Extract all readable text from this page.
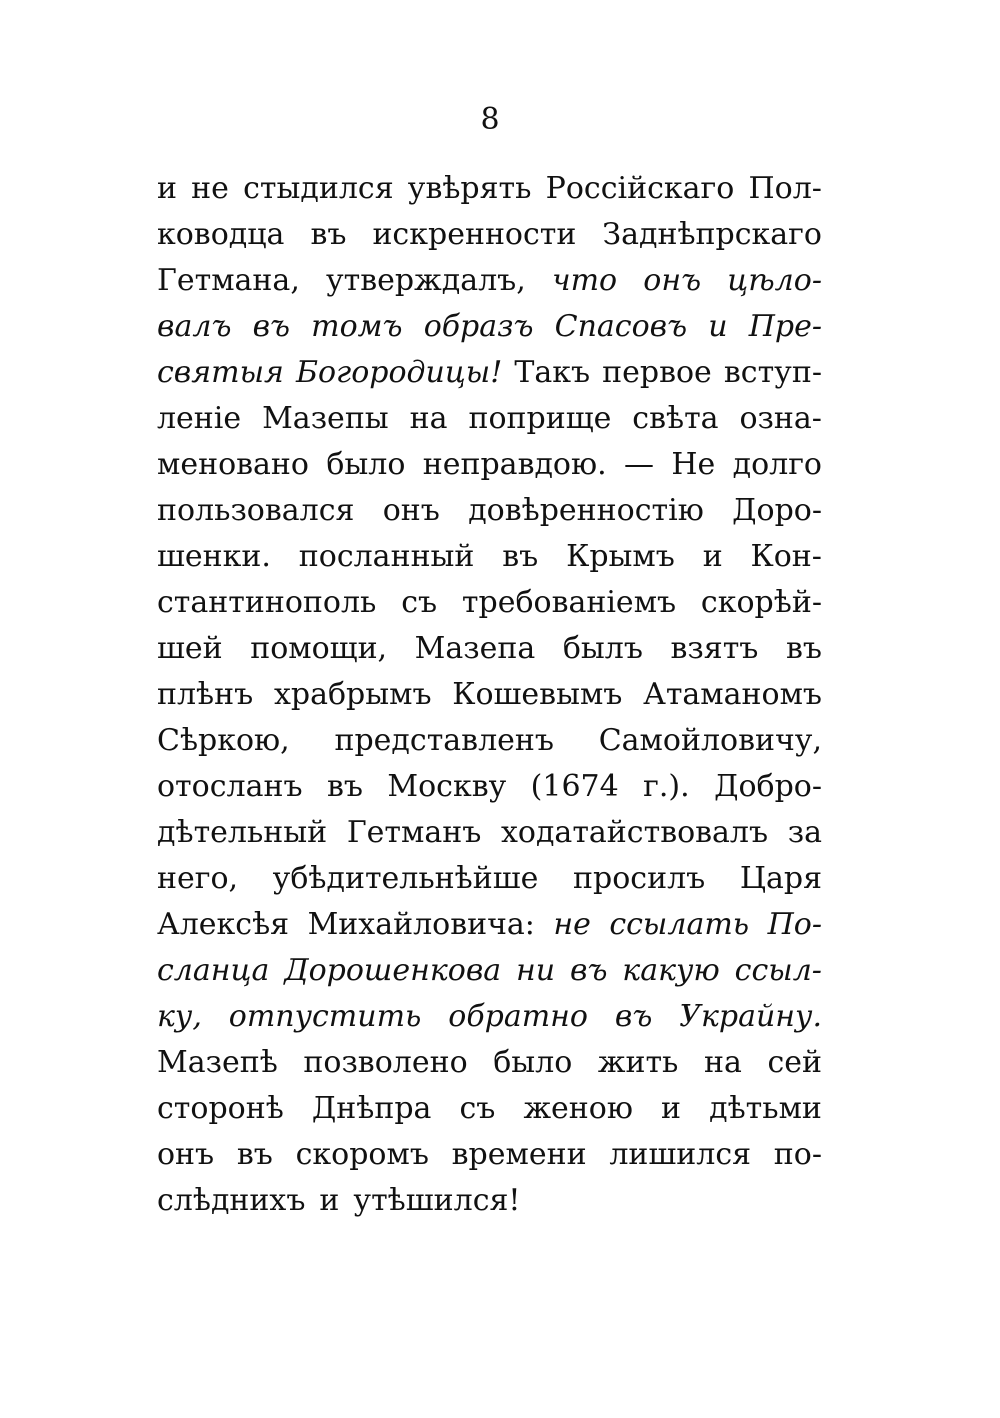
8
и не стыдился увѣрять Россійскаго Пол-
ководца въ искренности Заднѣпрскаго
Гетмана, утверждалъ, что онъ цѣло-
валъ въ томъ образъ Спасовъ и Пре-
святыя Богородицы! Такъ первое вступ-
леніе Мазепы на поприще свѣта озна-
меновано было неправдою. — Не долго
пользовался онъ довѣренностію Доро-
шенки. посланный въ Крымъ и Кон-
стантинополь съ требованіемъ скорѣй-
шей помощи, Мазепа былъ взятъ въ
плѣнъ храбрымъ Кошевымъ Атаманомъ
Сѣркою, представленъ Самойловичу,
отосланъ въ Москву (1674 г.). Добро-
дѣтельный Гетманъ ходатайствовалъ за
него, убѣдительнѣйше просилъ Царя
Алексѣя Михайловича: не ссылать По-
сланца Дорошенкова ни въ какую ссыл-
ку, отпустить обратно въ Украйну.
Мазепѣ позволено было жить на сей
сторонѣ Днѣпра съ женою и дѣтьми
онъ въ скоромъ времени лишился по-
слѣднихъ и утѣшился!
